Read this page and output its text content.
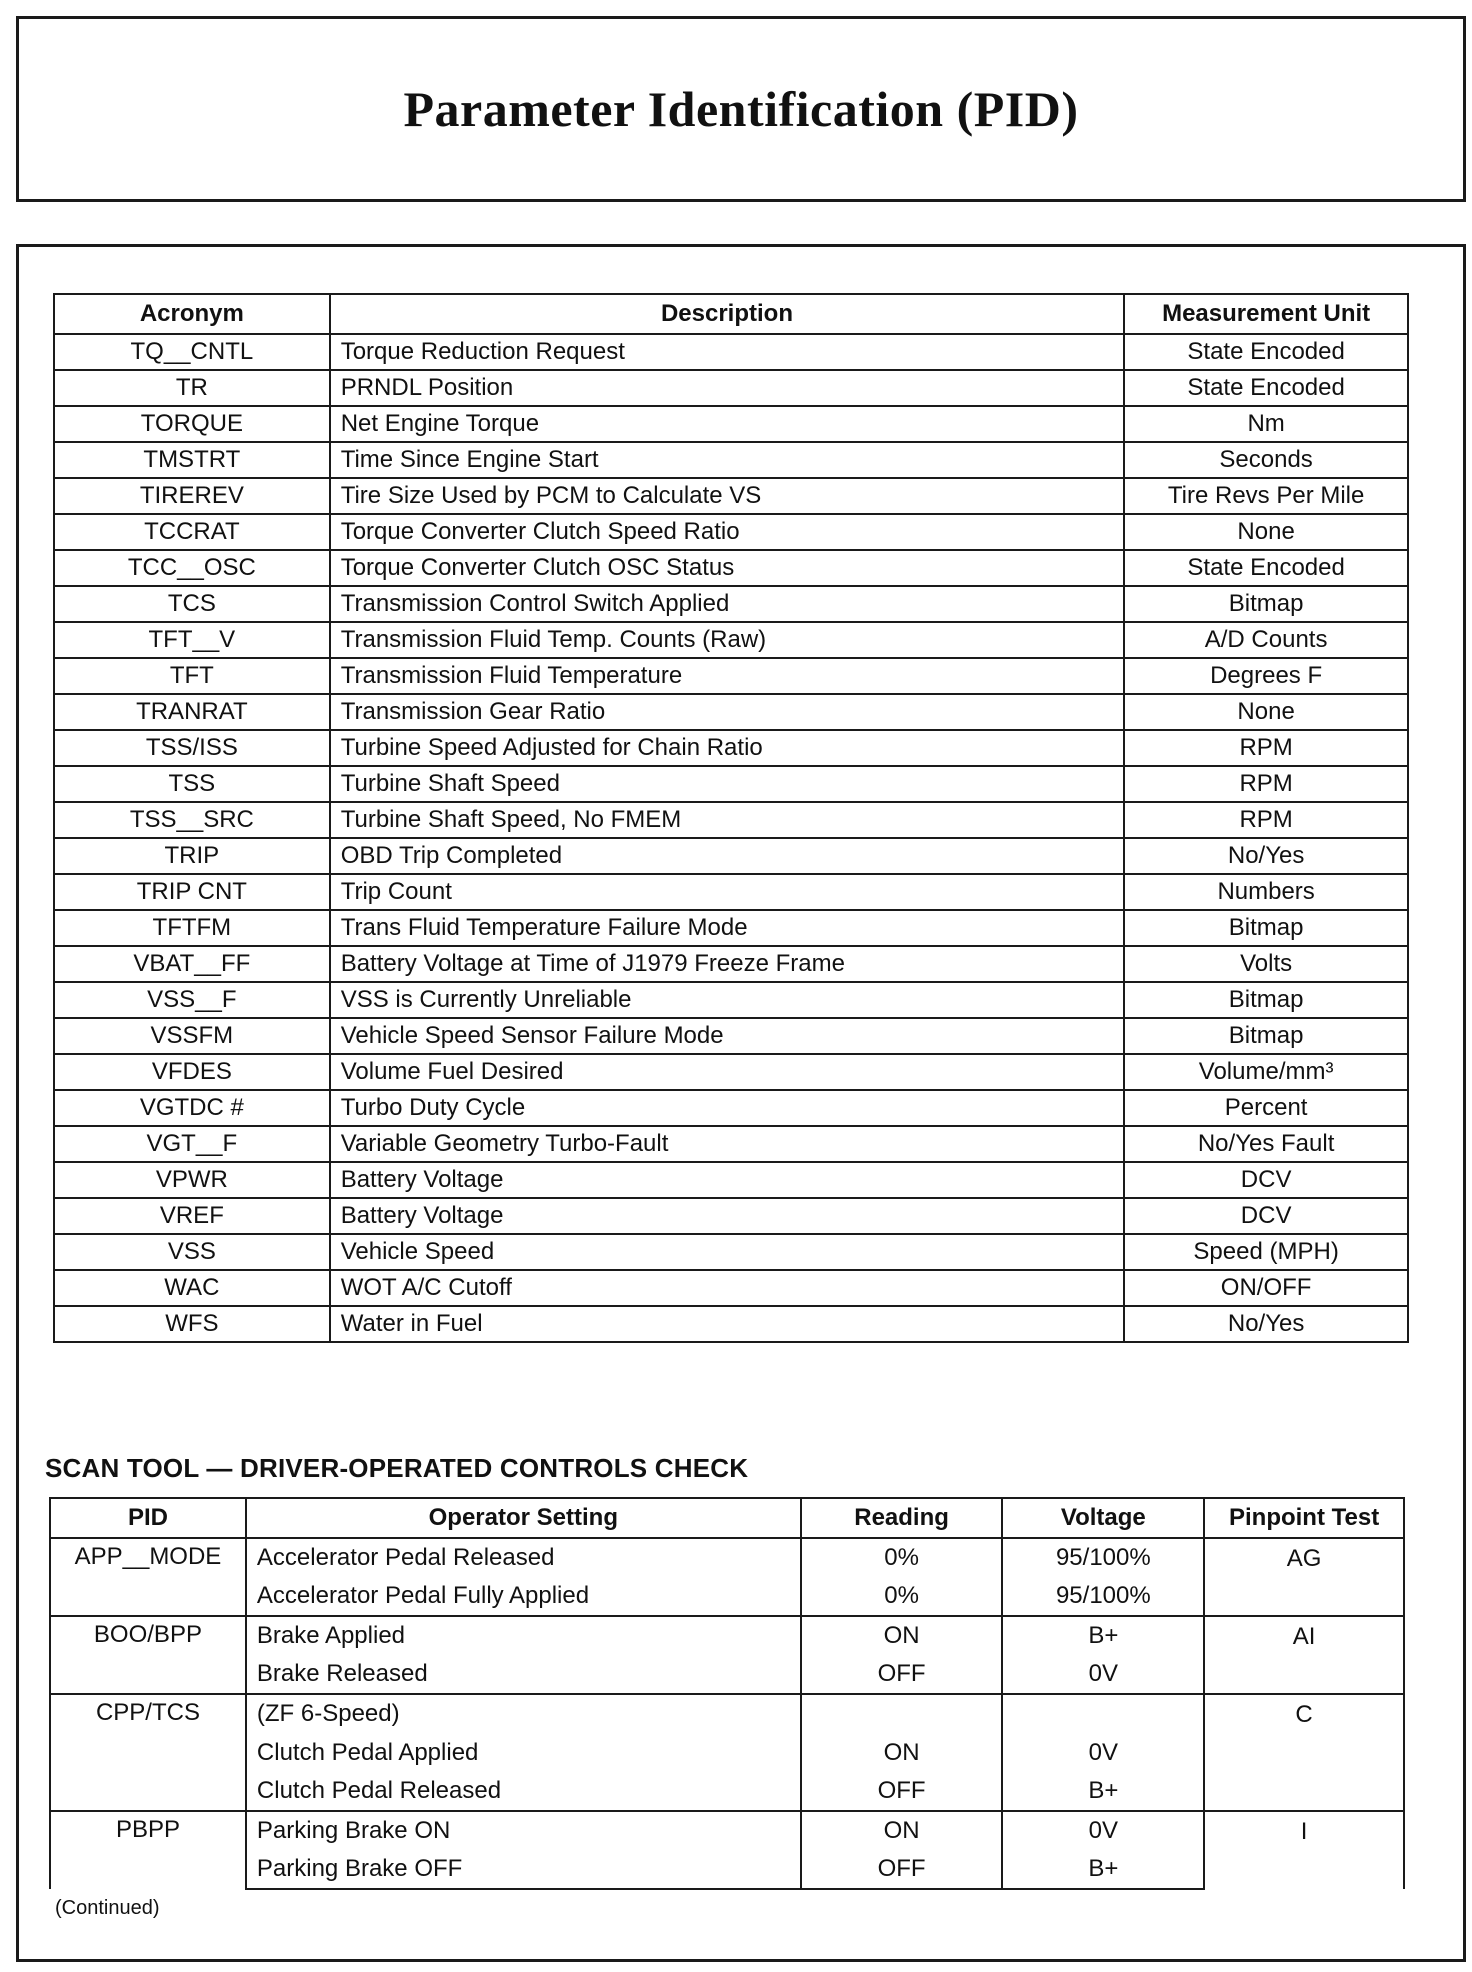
Parameter Identification (PID)
Acronym	Description	Measurement Unit
TQ__CNTL	Torque Reduction Request	State Encoded
TR	PRNDL Position	State Encoded
TORQUE	Net Engine Torque	Nm
TMSTRT	Time Since Engine Start	Seconds
TIREREV	Tire Size Used by PCM to Calculate VS	Tire Revs Per Mile
TCCRAT	Torque Converter Clutch Speed Ratio	None
TCC__OSC	Torque Converter Clutch OSC Status	State Encoded
TCS	Transmission Control Switch Applied	Bitmap
TFT__V	Transmission Fluid Temp. Counts (Raw)	A/D Counts
TFT	Transmission Fluid Temperature	Degrees F
TRANRAT	Transmission Gear Ratio	None
TSS/ISS	Turbine Speed Adjusted for Chain Ratio	RPM
TSS	Turbine Shaft Speed	RPM
TSS__SRC	Turbine Shaft Speed, No FMEM	RPM
TRIP	OBD Trip Completed	No/Yes
TRIP CNT	Trip Count	Numbers
TFTFM	Trans Fluid Temperature Failure Mode	Bitmap
VBAT__FF	Battery Voltage at Time of J1979 Freeze Frame	Volts
VSS__F	VSS is Currently Unreliable	Bitmap
VSSFM	Vehicle Speed Sensor Failure Mode	Bitmap
VFDES	Volume Fuel Desired	Volume/mm³
VGTDC #	Turbo Duty Cycle	Percent
VGT__F	Variable Geometry Turbo-Fault	No/Yes Fault
VPWR	Battery Voltage	DCV
VREF	Battery Voltage	DCV
VSS	Vehicle Speed	Speed (MPH)
WAC	WOT A/C Cutoff	ON/OFF
WFS	Water in Fuel	No/Yes
SCAN TOOL — DRIVER-OPERATED CONTROLS CHECK
PID	Operator Setting	Reading	Voltage	Pinpoint Test
APP__MODE	Accelerator Pedal Released	0%	95/100%	AG
	Accelerator Pedal Fully Applied	0%	95/100%	
BOO/BPP	Brake Applied	ON	B+	AI
	Brake Released	OFF	0V	
CPP/TCS	(ZF 6-Speed)			C
	Clutch Pedal Applied	ON	0V	
	Clutch Pedal Released	OFF	B+	
PBPP	Parking Brake ON	ON	0V	I
	Parking Brake OFF	OFF	B+	
(Continued)
